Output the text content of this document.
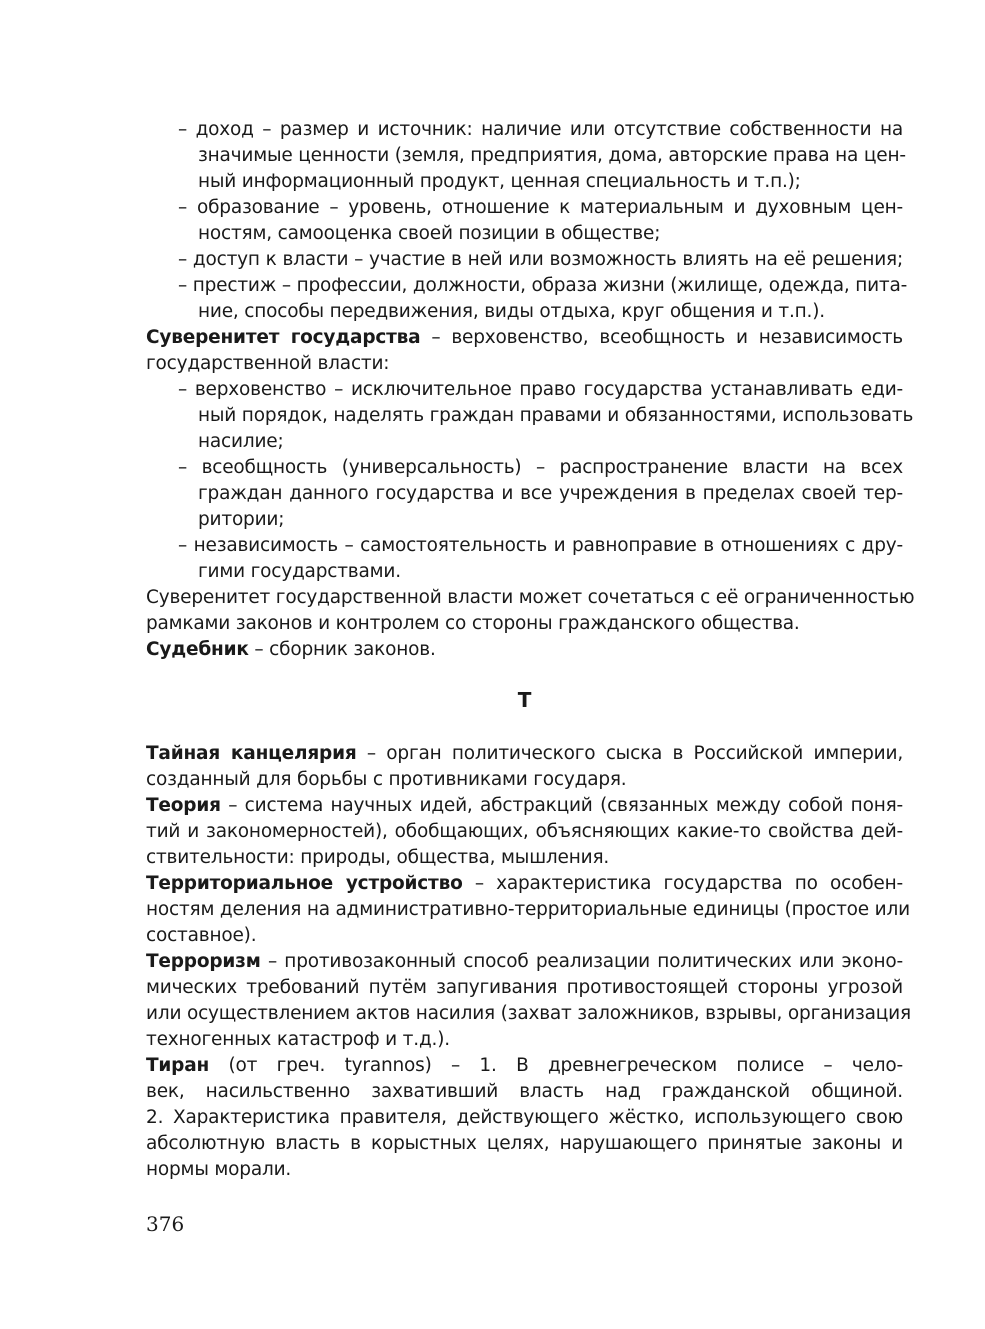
– доход – размер и источник: наличие или отсутствие собственности на
значимые ценности (земля, предприятия, дома, авторские права на цен-
ный информационный продукт, ценная специальность и т.п.);
– образование – уровень, отношение к материальным и духовным цен-
ностям, самооценка своей позиции в обществе;
– доступ к власти – участие в ней или возможность влиять на её решения;
– престиж – профессии, должности, образа жизни (жилище, одежда, пита-
ние, способы передвижения, виды отдыха, круг общения и т.п.).
Суверенитет государства – верховенство, всеобщность и независимость
государственной власти:
– верховенство – исключительное право государства устанавливать еди-
ный порядок, наделять граждан правами и обязанностями, использовать
насилие;
– всеобщность (универсальность) – распространение власти на всех
граждан данного государства и все учреждения в пределах своей тер-
ритории;
– независимость – самостоятельность и равноправие в отношениях с дру-
гими государствами.
Суверенитет государственной власти может сочетаться с её ограниченностью
рамками законов и контролем со стороны гражданского общества.
Судебник – сборник законов.
Т
Тайная канцелярия – орган политического сыска в Российской империи,
созданный для борьбы с противниками государя.
Теория – система научных идей, абстракций (связанных между собой поня-
тий и закономерностей), обобщающих, объясняющих какие-то свойства дей-
ствительности: природы, общества, мышления.
Территориальное устройство – характеристика государства по особен-
ностям деления на административно-территориальные единицы (простое или
составное).
Терроризм – противозаконный способ реализации политических или эконо-
мических требований путём запугивания противостоящей стороны угрозой
или осуществлением актов насилия (захват заложников, взрывы, организация
техногенных катастроф и т.д.).
Тиран (от греч. tyrannos) – 1. В древнегреческом полисе – чело-
век, насильственно захвативший власть над гражданской общиной.
2. Характеристика правителя, действующего жёстко, использующего свою
абсолютную власть в корыстных целях, нарушающего принятые законы и
нормы морали.
376
